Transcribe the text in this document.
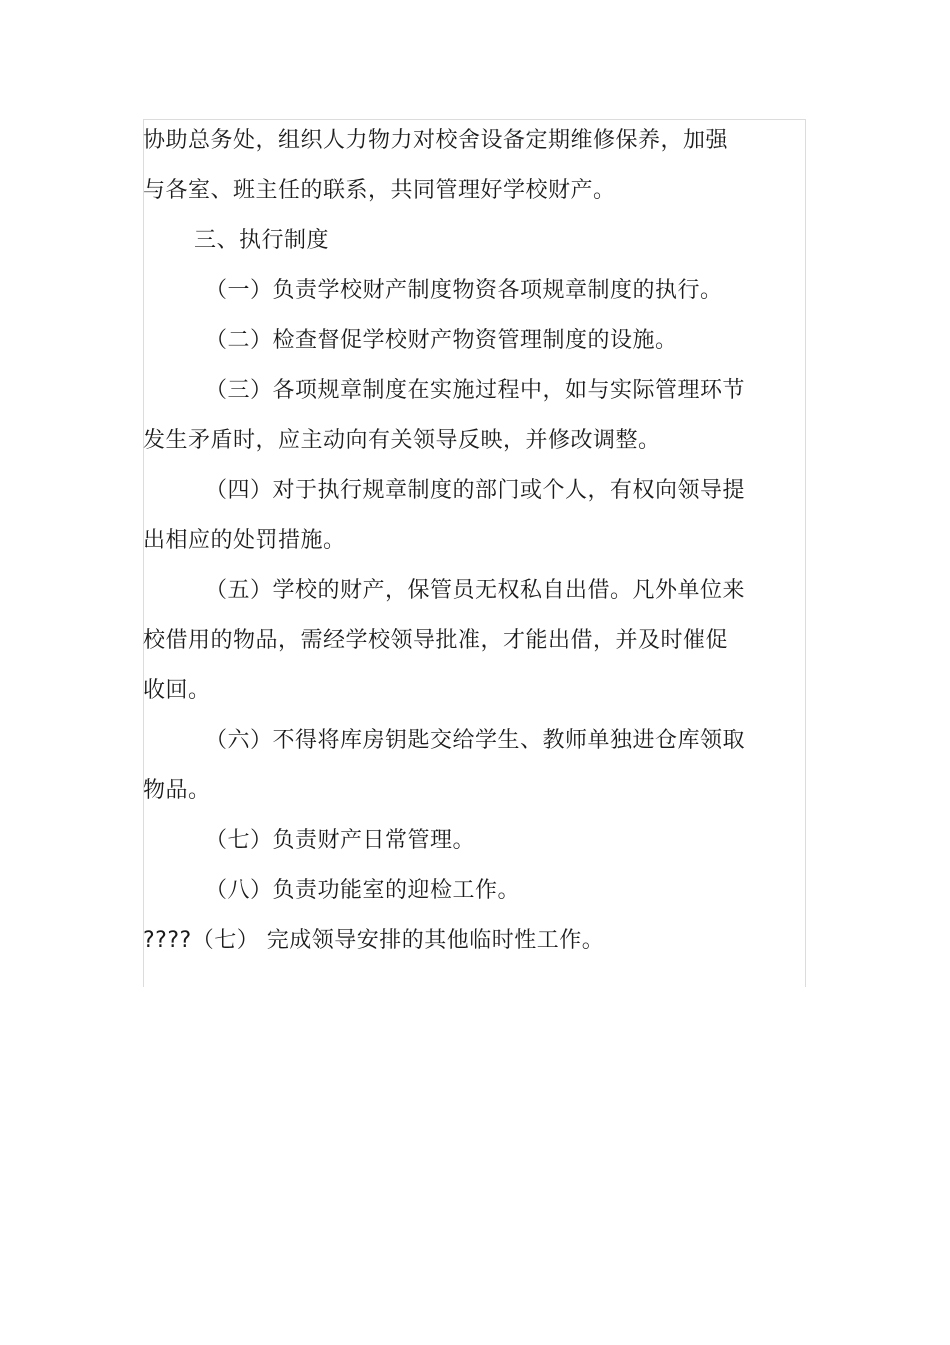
协助总务处，组织人力物力对校舍设备定期维修保养，加强
与各室、班主任的联系，共同管理好学校财产。
三、执行制度
（一）负责学校财产制度物资各项规章制度的执行。
（二）检查督促学校财产物资管理制度的设施。
（三）各项规章制度在实施过程中，如与实际管理环节
发生矛盾时，应主动向有关领导反映，并修改调整。
（四）对于执行规章制度的部门或个人，有权向领导提
出相应的处罚措施。
（五）学校的财产，保管员无权私自出借。凡外单位来
校借用的物品，需经学校领导批准，才能出借，并及时催促
收回。
（六）不得将库房钥匙交给学生、教师单独进仓库领取
物品。
（七）负责财产日常管理。
（八）负责功能室的迎检工作。
????（七） 完成领导安排的其他临时性工作。
